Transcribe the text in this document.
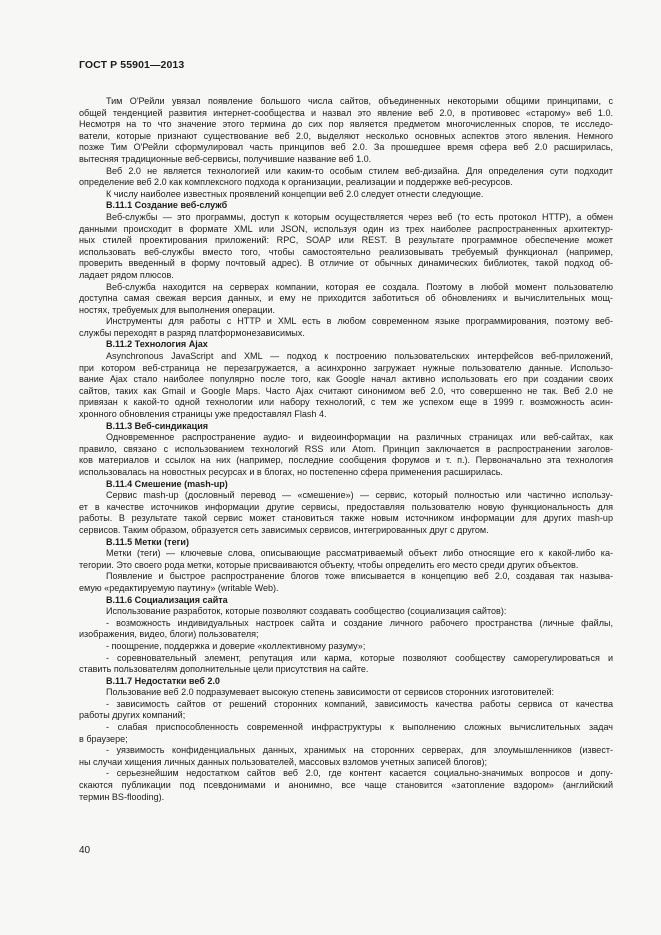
ГОСТ Р 55901—2013
Тим О'Рейли увязал появление большого числа сайтов, объединенных некоторыми общими принципами, с
общей тенденцией развития интернет-сообщества и назвал это явление веб 2.0, в противовес «старому» веб 1.0.
Несмотря на то что значение этого термина до сих пор является предметом многочисленных споров, те исследо-
ватели, которые признают существование веб 2.0, выделяют несколько основных аспектов этого явления. Немного
позже Тим О'Рейли сформулировал часть принципов веб 2.0. За прошедшее время сфера веб 2.0 расширилась,
вытесняя традиционные веб-сервисы, получившие название веб 1.0.
Веб 2.0 не является технологией или каким-то особым стилем веб-дизайна. Для определения сути подходит
определение веб 2.0 как комплексного подхода к организации, реализации и поддержке веб-ресурсов.
К числу наиболее известных проявлений концепции веб 2.0 следует отнести следующие.
В.11.1 Создание веб-служб
Веб-службы — это программы, доступ к которым осуществляется через веб (то есть протокол HTTP), а обмен
данными происходит в формате XML или JSON, используя один из трех наиболее распространенных архитектур-
ных стилей проектирования приложений: RPC, SOAP или REST. В результате программное обеспечение может
использовать веб-службы вместо того, чтобы самостоятельно реализовывать требуемый функционал (например,
проверить введенный в форму почтовый адрес). В отличие от обычных динамических библиотек, такой подход об-
ладает рядом плюсов.
Веб-служба находится на серверах компании, которая ее создала. Поэтому в любой момент пользователю
доступна самая свежая версия данных, и ему не приходится заботиться об обновлениях и вычислительных мощ-
ностях, требуемых для выполнения операции.
Инструменты для работы с HTTP и XML есть в любом современном языке программирования, поэтому веб-
службы переходят в разряд платформонезависимых.
В.11.2 Технология Ajax
Asynchronous JavaScript and XML — подход к построению пользовательских интерфейсов веб-приложений,
при котором веб-страница не перезагружается, а асинхронно загружает нужные пользователю данные. Использо-
вание Ajax стало наиболее популярно после того, как Google начал активно использовать его при создании своих
сайтов, таких как Gmail и Google Maps. Часто Ajax считают синонимом веб 2.0, что совершенно не так. Веб 2.0 не
привязан к какой-то одной технологии или набору технологий, с тем же успехом еще в 1999 г. возможность асин-
хронного обновления страницы уже предоставлял Flash 4.
В.11.3 Веб-синдикация
Одновременное распространение аудио- и видеоинформации на различных страницах или веб-сайтах, как
правило, связано с использованием технологий RSS или Atom. Принцип заключается в распространении заголов-
ков материалов и ссылок на них (например, последние сообщения форумов и т. п.). Первоначально эта технология
использовалась на новостных ресурсах и в блогах, но постепенно сфера применения расширилась.
В.11.4 Смешение (mash-up)
Сервис mash-up (дословный перевод — «смешение») — сервис, который полностью или частично использу-
ет в качестве источников информации другие сервисы, предоставляя пользователю новую функциональность для
работы. В результате такой сервис может становиться также новым источником информации для других mash-up
сервисов. Таким образом, образуется сеть зависимых сервисов, интегрированных друг с другом.
В.11.5 Метки (теги)
Метки (теги) — ключевые слова, описывающие рассматриваемый объект либо относящие его к какой-либо ка-
тегории. Это своего рода метки, которые присваиваются объекту, чтобы определить его место среди других объектов.
Появление и быстрое распространение блогов тоже вписывается в концепцию веб 2.0, создавая так называ-
емую «редактируемую паутину» (writable Web).
В.11.6 Социализация сайта
Использование разработок, которые позволяют создавать сообщество (социализация сайтов):
- возможность индивидуальных настроек сайта и создание личного рабочего пространства (личные файлы,
изображения, видео, блоги) пользователя;
- поощрение, поддержка и доверие «коллективному разуму»;
- соревновательный элемент, репутация или карма, которые позволяют сообществу саморегулироваться и
ставить пользователям дополнительные цели присутствия на сайте.
В.11.7 Недостатки веб 2.0
Пользование веб 2.0 подразумевает высокую степень зависимости от сервисов сторонних изготовителей:
- зависимость сайтов от решений сторонних компаний, зависимость качества работы сервиса от качества
работы других компаний;
- слабая приспособленность современной инфраструктуры к выполнению сложных вычислительных задач
в браузере;
- уязвимость конфиденциальных данных, хранимых на сторонних серверах, для злоумышленников (извест-
ны случаи хищения личных данных пользователей, массовых взломов учетных записей блогов);
- серьезнейшим недостатком сайтов веб 2.0, где контент касается социально-значимых вопросов и допу-
скаются публикации под псевдонимами и анонимно, все чаще становится «затопление вздором» (английский
термин BS-flooding).
40
